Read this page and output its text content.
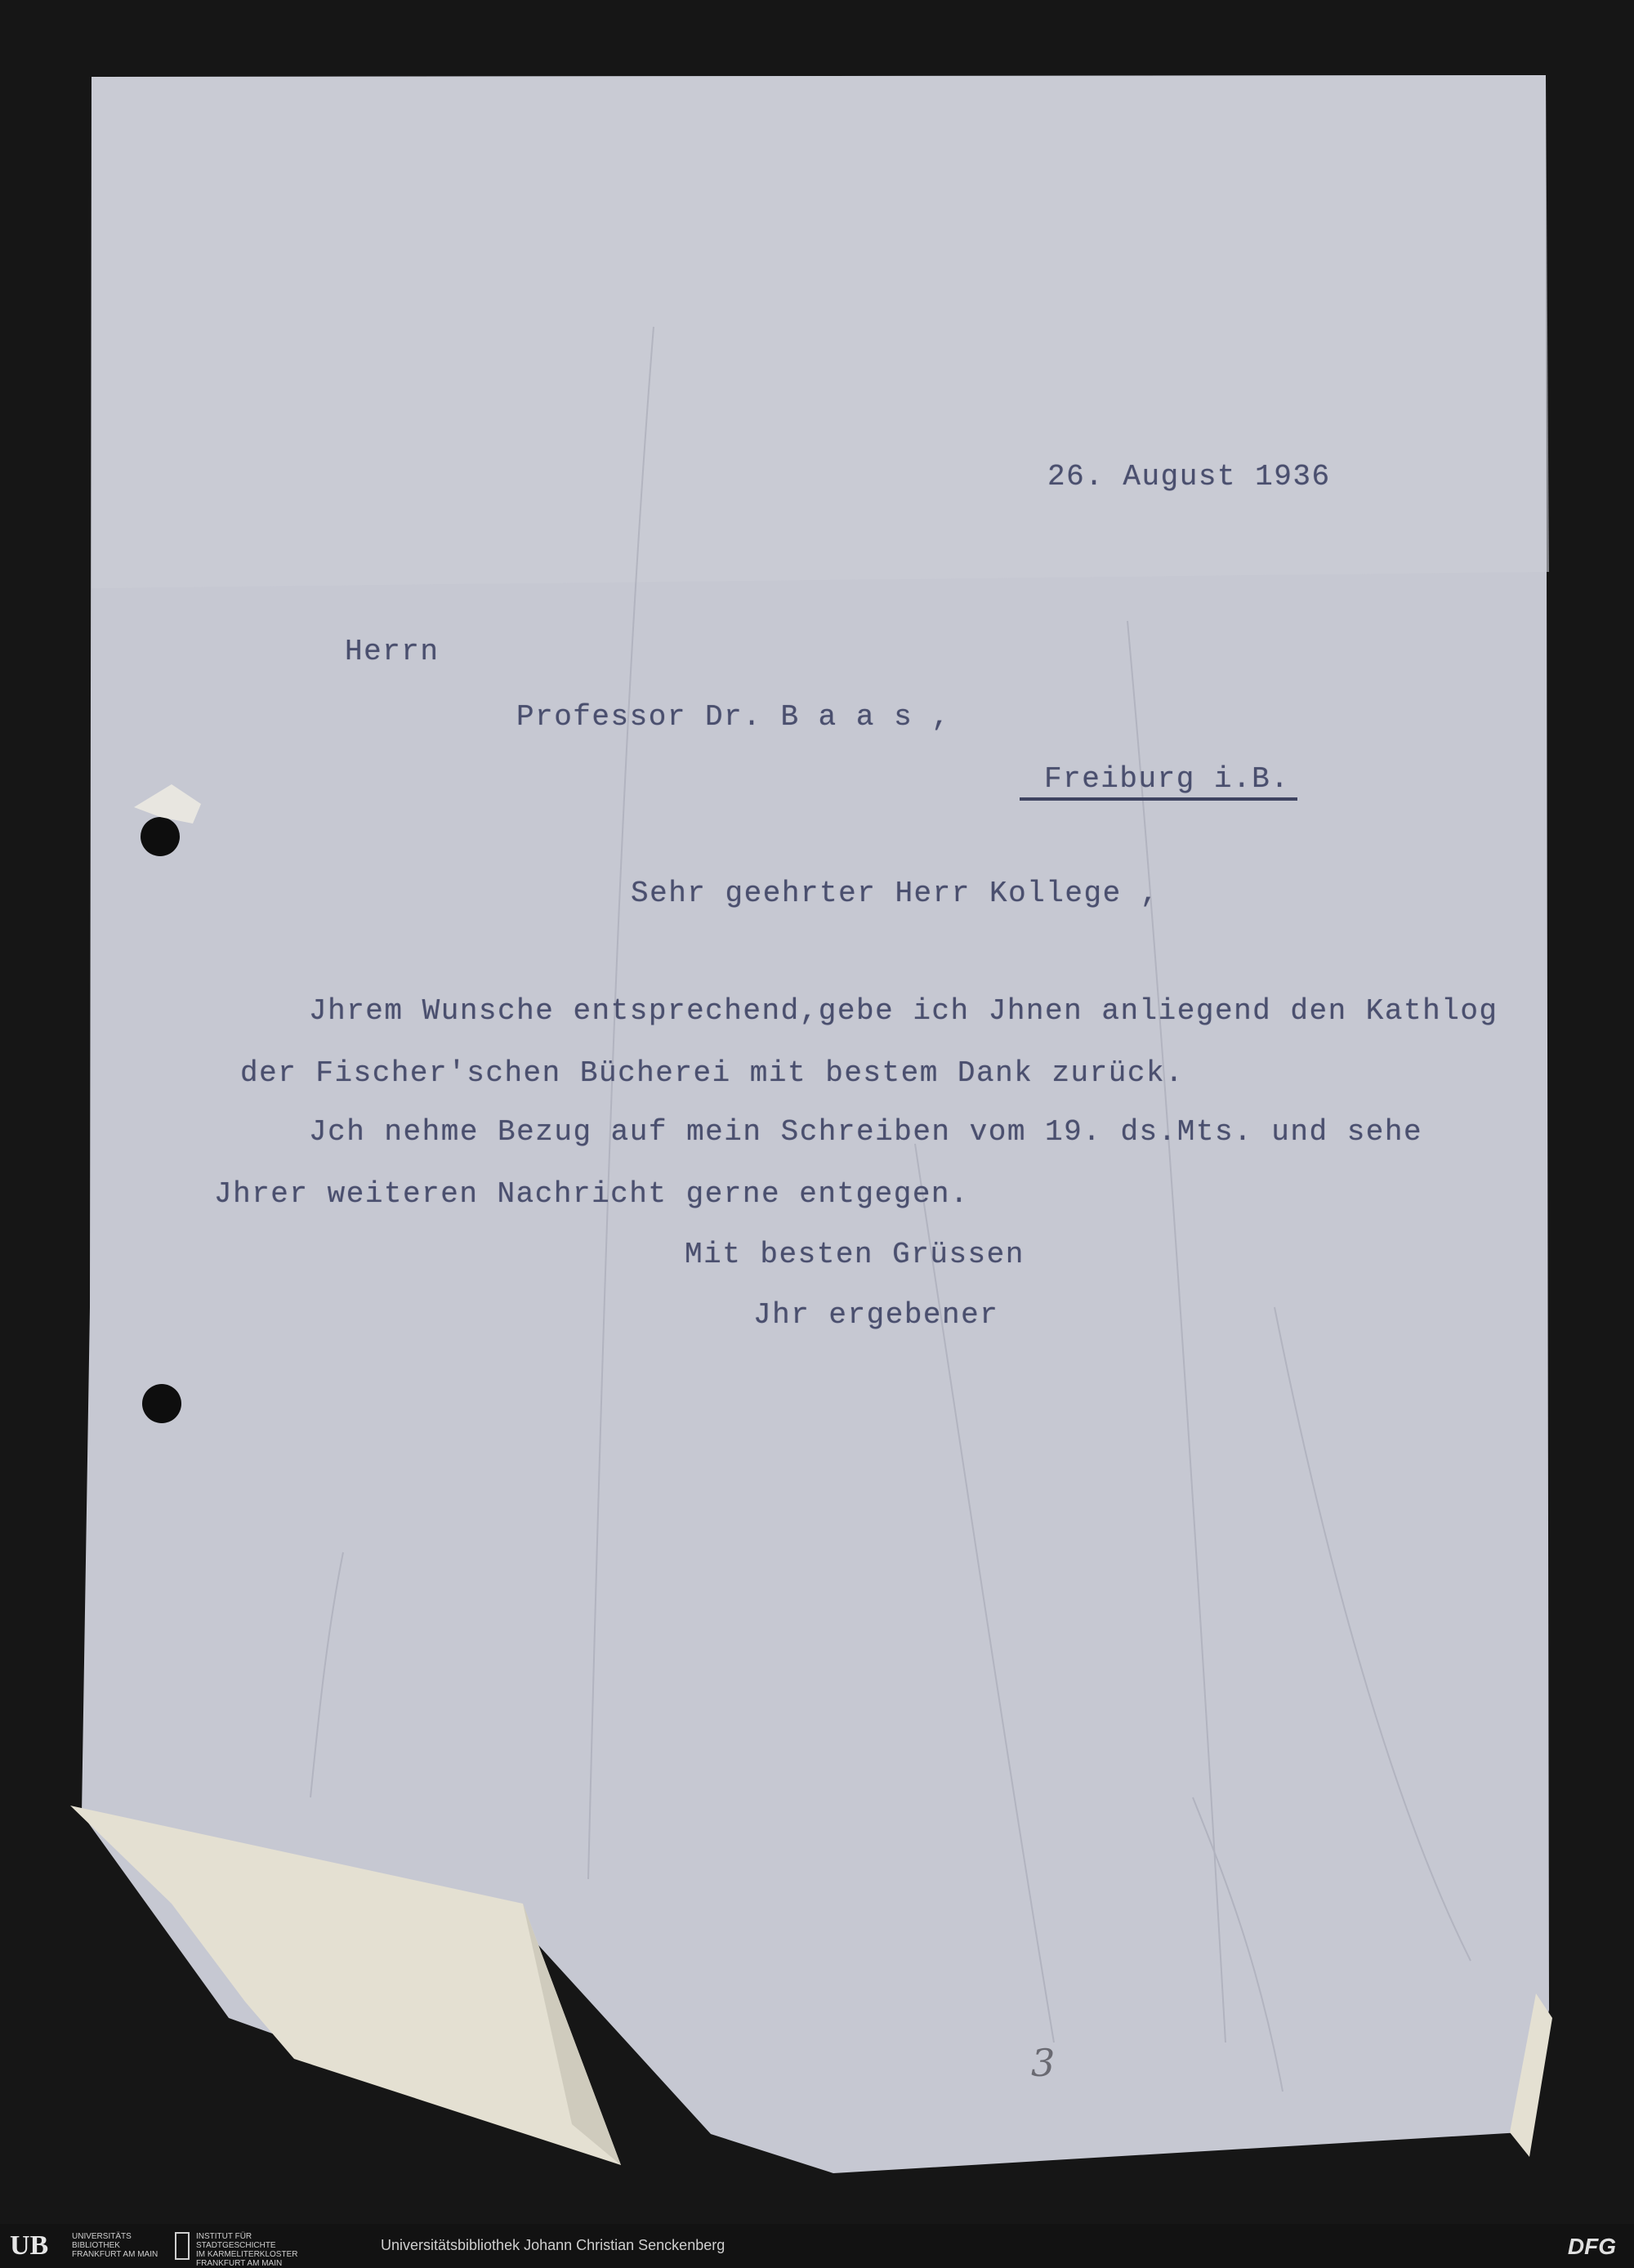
26. August 1936

Herrn

Professor Dr. B a a s ,

Freiburg i.B.

Sehr geehrter Herr Kollege ,

Jhrem Wunsche entsprechend,gebe ich Jhnen anliegend den Kathlog

der Fischer'schen Bücherei mit bestem Dank zurück.

Jch nehme Bezug auf mein Schreiben vom 19. ds.Mts. und sehe

Jhrer weiteren Nachricht gerne entgegen.

Mit besten Grüssen

Jhr ergebener

3
UB	UNIVERSITÄTS
BIBLIOTHEK
FRANKFURT AM MAIN
INSTITUT FÜR
STADTGESCHICHTE
IM KARMELITERKLOSTER
FRANKFURT AM MAIN
Universitätsbibliothek Johann Christian Senckenberg	DFG
